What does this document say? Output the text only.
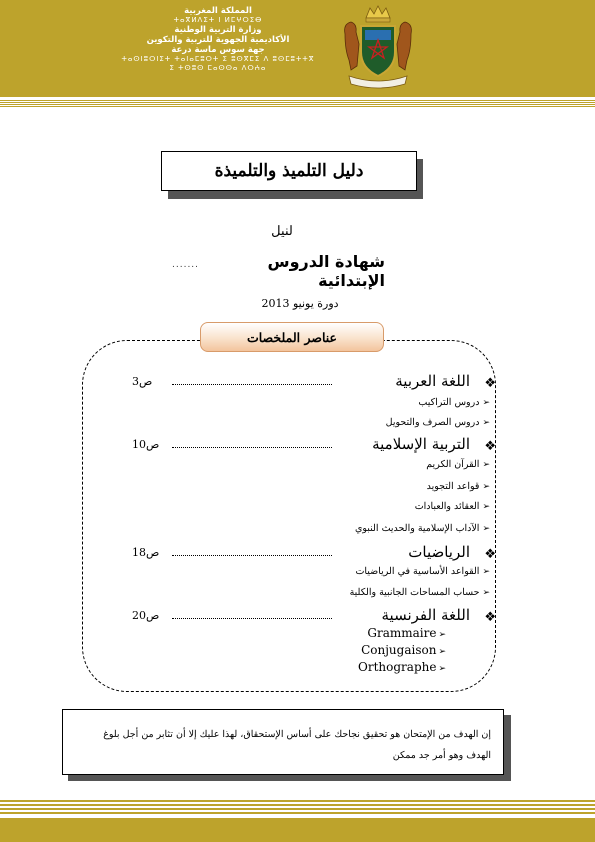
المملكة المغربية
ⵜⴰⴳⵍⴷⵉⵜ ⵏ ⵍⵎⵖⵔⵉⴱ
وزارة التربية الوطنية
الأكاديمية الجهوية للتربية والتكوين
جهة سوس ماسة درعة
ⵜⴰⵙⵏⵓⵔⵏⵉⵜ ⵜⴰⵏⴰⵎⵓⵔⵜ ⵉ ⵓⵙⴳⵎⵉ ⴷ ⵓⵙⵎⵓⵜⵜⴳ
ⵉ ⵜⵙⵓⵙ ⵎⴰⵙⵙⴰ ⴷⵔⵄⴰ
دليل التلميذ والتلميذة
لنيل
.......	شهادة الدروس الإبتدائية
دورة يونيو 2013
عناصر الملخصات
❖
اللغة العربية
3ص
➢دروس التراكيب
➢دروس الصرف والتحويل
❖
التربية الإسلامية
10ص
➢القرآن الكريم
➢قواعد التجويد
➢العقائد والعبادات
➢الآداب الإسلامية والحديث النبوي
❖
الرياضيات
18ص
➢القواعد الأساسية في الرياضيات
➢حساب المساحات الجانبية والكلية
❖
اللغة الفرنسية
20ص
Grammaire ➢
Conjugaison ➢
Orthographe ➢
إن الهدف من الإمتحان هو تحقيق نجاحك على أساس الإستحقاق، لهذا عليك إلا أن تثابر من أجل بلوغ الهدف وهو أمر جد ممكن
